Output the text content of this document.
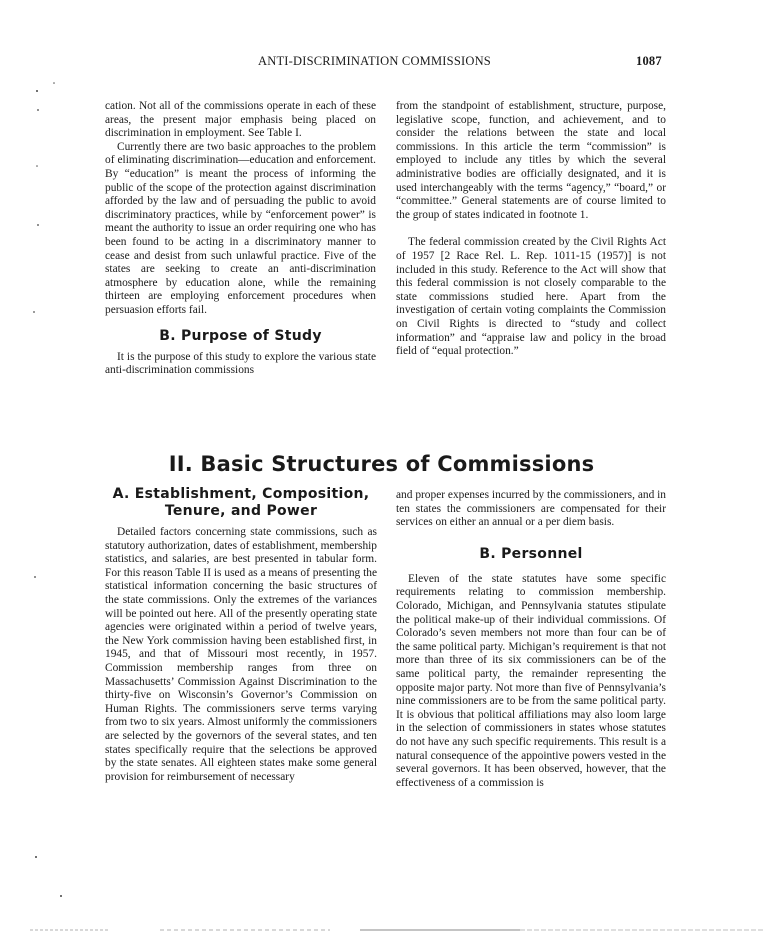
ANTI-DISCRIMINATION COMMISSIONS	1087

cation. Not all of the commissions operate in each of these areas, the present major emphasis being placed on discrimination in employment. See Table I.

Currently there are two basic approaches to the problem of eliminating discrimination—education and enforcement. By “education” is meant the process of informing the public of the scope of the protection against discrimination afforded by the law and of persuading the public to avoid discriminatory practices, while by “enforcement power” is meant the authority to issue an order requiring one who has been found to be acting in a discriminatory manner to cease and desist from such unlawful practice. Five of the states are seeking to create an anti-discrimination atmosphere by education alone, while the remaining thirteen are employing enforcement procedures when persuasion efforts fail.

B. Purpose of Study

It is the purpose of this study to explore the various state anti-discrimination commissions

from the standpoint of establishment, structure, purpose, legislative scope, function, and achievement, and to consider the relations between the state and local commissions. In this article the term “commission” is employed to include any titles by which the several administrative bodies are officially designated, and it is used interchangeably with the terms “agency,” “board,” or “committee.” General statements are of course limited to the group of states indicated in footnote 1.

The federal commission created by the Civil Rights Act of 1957 [2 Race Rel. L. Rep. 1011-15 (1957)] is not included in this study. Reference to the Act will show that this federal commission is not closely comparable to the state commissions studied here. Apart from the investigation of certain voting complaints the Commission on Civil Rights is directed to “study and collect information” and “appraise law and policy in the broad field of “equal protection.”

II. Basic Structures of Commissions
A. Establishment, Composition,
Tenure, and Power

Detailed factors concerning state commissions, such as statutory authorization, dates of establishment, membership statistics, and salaries, are best presented in tabular form. For this reason Table II is used as a means of presenting the statistical information concerning the basic structures of the state commissions. Only the extremes of the variances will be pointed out here. All of the presently operating state agencies were originated within a period of twelve years, the New York commission having been established first, in 1945, and that of Missouri most recently, in 1957. Commission membership ranges from three on Massachusetts’ Commission Against Discrimination to the thirty-five on Wisconsin’s Governor’s Commission on Human Rights. The commissioners serve terms varying from two to six years. Almost uniformly the commissioners are selected by the governors of the several states, and ten states specifically require that the selections be approved by the state senates. All eighteen states make some general provision for reimbursement of necessary

and proper expenses incurred by the commissioners, and in ten states the commissioners are compensated for their services on either an annual or a per diem basis.

B. Personnel

Eleven of the state statutes have some specific requirements relating to commission membership. Colorado, Michigan, and Pennsylvania statutes stipulate the political make-up of their individual commissions. Of Colorado’s seven members not more than four can be of the same political party. Michigan’s requirement is that not more than three of its six commissioners can be of the same political party, the remainder representing the opposite major party. Not more than five of Pennsylvania’s nine commissioners are to be from the same political party. It is obvious that political affiliations may also loom large in the selection of commissioners in states whose statutes do not have any such specific requirements. This result is a natural consequence of the appointive powers vested in the several governors. It has been observed, however, that the effectiveness of a commission is
